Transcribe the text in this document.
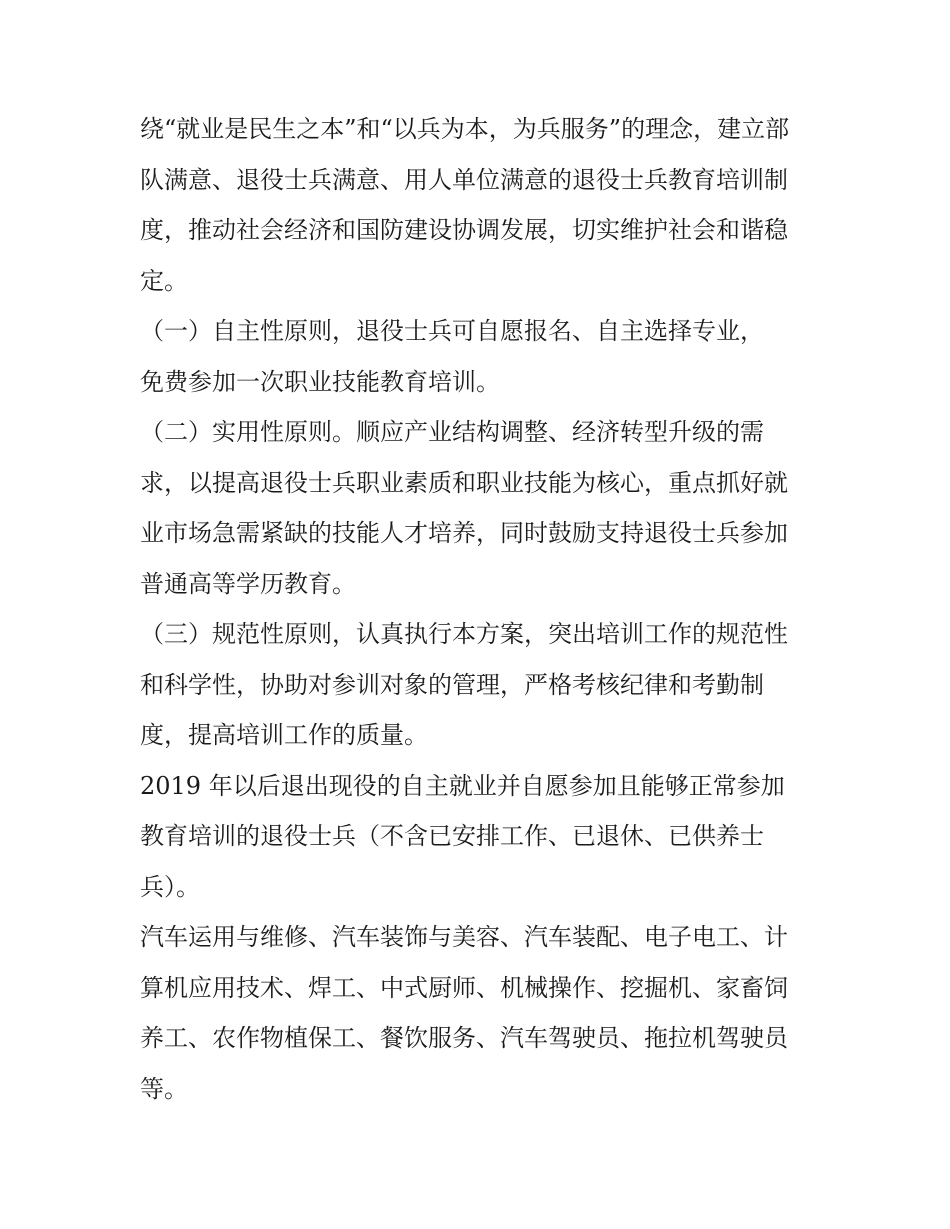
绕“就业是民生之本”和“以兵为本，为兵服务”的理念，建立部
队满意、退役士兵满意、用人单位满意的退役士兵教育培训制
度，推动社会经济和国防建设协调发展，切实维护社会和谐稳
定。
（一）自主性原则，退役士兵可自愿报名、自主选择专业，
免费参加一次职业技能教育培训。
（二）实用性原则。顺应产业结构调整、经济转型升级的需
求，以提高退役士兵职业素质和职业技能为核心，重点抓好就
业市场急需紧缺的技能人才培养，同时鼓励支持退役士兵参加
普通高等学历教育。
（三）规范性原则，认真执行本方案，突出培训工作的规范性
和科学性，协助对参训对象的管理，严格考核纪律和考勤制
度，提高培训工作的质量。
2019 年以后退出现役的自主就业并自愿参加且能够正常参加
教育培训的退役士兵（不含已安排工作、已退休、已供养士
兵）。
汽车运用与维修、汽车装饰与美容、汽车装配、电子电工、计
算机应用技术、焊工、中式厨师、机械操作、挖掘机、家畜饲
养工、农作物植保工、餐饮服务、汽车驾驶员、拖拉机驾驶员
等。
